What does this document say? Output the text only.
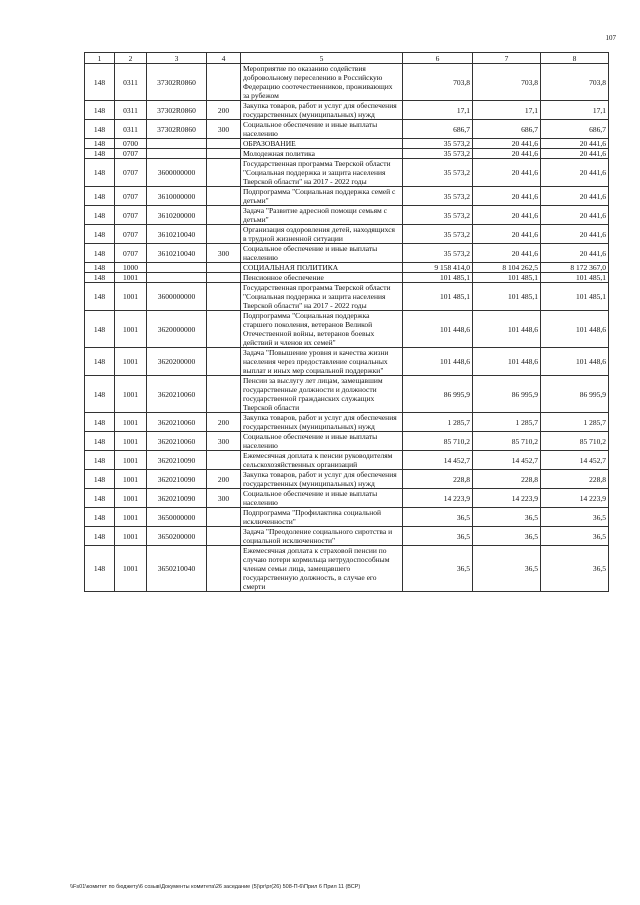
107
1	2	3	4	5	6	7	8
148	0311	37302R0860		Мероприятие по оказанию содействия добровольному переселению в Российскую Федерацию соотечественников, проживающих за рубежом	703,8	703,8	703,8
148	0311	37302R0860	200	Закупка товаров, работ и услуг для обеспечения государственных (муниципальных) нужд	17,1	17,1	17,1
148	0311	37302R0860	300	Социальное обеспечение и иные выплаты населению	686,7	686,7	686,7
148	0700			ОБРАЗОВАНИЕ	35 573,2	20 441,6	20 441,6
148	0707			Молодежная политика	35 573,2	20 441,6	20 441,6
148	0707	3600000000		Государственная программа Тверской области "Социальная поддержка и защита населения Тверской области" на 2017 - 2022 годы	35 573,2	20 441,6	20 441,6
148	0707	3610000000		Подпрограмма "Социальная поддержка семей с детьми"	35 573,2	20 441,6	20 441,6
148	0707	3610200000		Задача "Развитие адресной помощи семьям с детьми"	35 573,2	20 441,6	20 441,6
148	0707	3610210040		Организация оздоровления детей, находящихся в трудной жизненной ситуации	35 573,2	20 441,6	20 441,6
148	0707	3610210040	300	Социальное обеспечение и иные выплаты населению	35 573,2	20 441,6	20 441,6
148	1000			СОЦИАЛЬНАЯ ПОЛИТИКА	9 158 414,0	8 104 262,5	8 172 367,0
148	1001			Пенсионное обеспечение	101 485,1	101 485,1	101 485,1
148	1001	3600000000		Государственная программа Тверской области "Социальная поддержка и защита населения Тверской области" на 2017 - 2022 годы	101 485,1	101 485,1	101 485,1
148	1001	3620000000		Подпрограмма "Социальная поддержка старшего поколения, ветеранов Великой Отечественной войны, ветеранов боевых действий и членов их семей"	101 448,6	101 448,6	101 448,6
148	1001	3620200000		Задача "Повышение уровня и качества жизни населения через предоставление социальных выплат и иных мер социальной поддержки"	101 448,6	101 448,6	101 448,6
148	1001	3620210060		Пенсии за выслугу лет лицам, замещавшим государственные должности и должности государственной гражданских служащих Тверской области	86 995,9	86 995,9	86 995,9
148	1001	3620210060	200	Закупка товаров, работ и услуг для обеспечения государственных (муниципальных) нужд	1 285,7	1 285,7	1 285,7
148	1001	3620210060	300	Социальное обеспечение и иные выплаты населению	85 710,2	85 710,2	85 710,2
148	1001	3620210090		Ежемесячная доплата к пенсии руководителям сельскохозяйственных организаций	14 452,7	14 452,7	14 452,7
148	1001	3620210090	200	Закупка товаров, работ и услуг для обеспечения государственных (муниципальных) нужд	228,8	228,8	228,8
148	1001	3620210090	300	Социальное обеспечение и иные выплаты населению	14 223,9	14 223,9	14 223,9
148	1001	3650000000		Подпрограмма "Профилактика социальной исключенности"	36,5	36,5	36,5
148	1001	3650200000		Задача "Преодоление социального сиротства и социальной исключенности"	36,5	36,5	36,5
148	1001	3650210040		Ежемесячная доплата к страховой пенсии по случаю потери кормильца нетрудоспособным членам семьи лица, замещавшего государственную должность, в случае его смерти	36,5	36,5	36,5
\\Fs01\комитет по бюджету\6 созыв\Документы комитета\26 заседание (5)\pr\pr(26) 508-П-6\Прил 6 Прил 11 (ВСР)
